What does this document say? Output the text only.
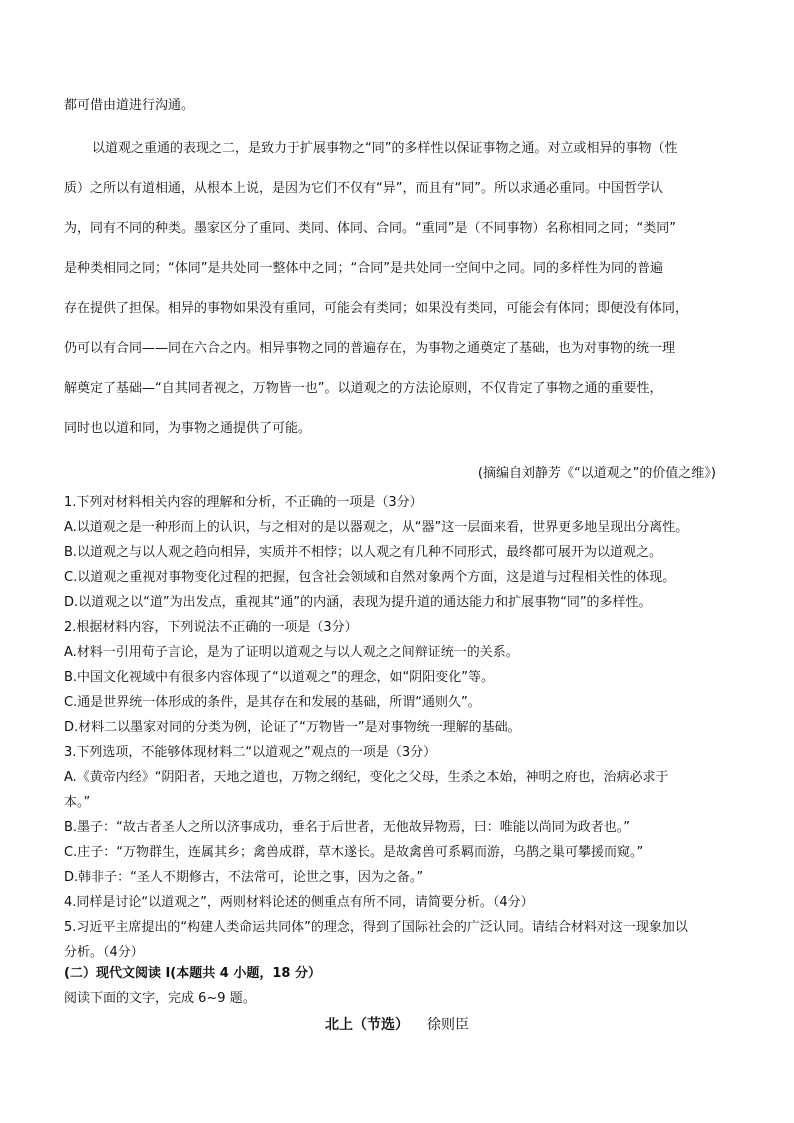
都可借由道进行沟通。
以道观之重通的表现之二，是致力于扩展事物之“同”的多样性以保证事物之通。对立或相异的事物（性
质）之所以有道相通，从根本上说，是因为它们不仅有“异”，而且有“同”。所以求通必重同。中国哲学认
为，同有不同的种类。墨家区分了重同、类同、体同、合同。“重同”是（不同事物）名称相同之同；“类同”
是种类相同之同；“体同”是共处同一整体中之同；“合同”是共处同一空间中之同。同的多样性为同的普遍
存在提供了担保。相异的事物如果没有重同，可能会有类同；如果没有类同，可能会有体同；即便没有体同，
仍可以有合同——同在六合之内。相异事物之同的普遍存在，为事物之通奠定了基础，也为对事物的统一理
解奠定了基础—“自其同者视之，万物皆一也”。以道观之的方法论原则，不仅肯定了事物之通的重要性，
同时也以道和同，为事物之通提供了可能。
(摘编自刘静芳《“以道观之”的价值之维》)
1.下列对材料相关内容的理解和分析，不正确的一项是（3分）
A.以道观之是一种形而上的认识，与之相对的是以器观之，从“器”这一层面来看，世界更多地呈现出分离性。
B.以道观之与以人观之趋向相异，实质并不相悖；以人观之有几种不同形式，最终都可展开为以道观之。
C.以道观之重视对事物变化过程的把握，包含社会领域和自然对象两个方面，这是道与过程相关性的体现。
D.以道观之以“道”为出发点，重视其“通”的内涵，表现为提升道的通达能力和扩展事物“同”的多样性。
2.根据材料内容，下列说法不正确的一项是（3分）
A.材料一引用荀子言论，是为了证明以道观之与以人观之之间辩证统一的关系。
B.中国文化视域中有很多内容体现了“以道观之”的理念，如“阴阳变化”等。
C.通是世界统一体形成的条件，是其存在和发展的基础，所谓“通则久”。
D.材料二以墨家对同的分类为例，论证了“万物皆一”是对事物统一理解的基础。
3.下列选项，不能够体现材料二“以道观之”观点的一项是（3分）
A.《黄帝内经》“阴阳者，天地之道也，万物之纲纪，变化之父母，生杀之本始，神明之府也，治病必求于
本。”
B.墨子：“故古者圣人之所以济事成功，垂名于后世者，无他故异物焉，曰：唯能以尚同为政者也。”
C.庄子：“万物群生，连属其乡；禽兽成群，草木遂长。是故禽兽可系羁而游，乌鹊之巢可攀援而窥。”
D.韩非子：“圣人不期修古，不法常可，论世之事，因为之备。”
4.同样是讨论“以道观之”，两则材料论述的侧重点有所不同，请简要分析。（4分）
5.习近平主席提出的“构建人类命运共同体”的理念，得到了国际社会的广泛认同。请结合材料对这一现象加以
分析。（4分）
(二）现代文阅读 I(本题共 4 小题，18 分）
阅读下面的文字，完成 6~9 题。
北上（节选） 徐则臣
